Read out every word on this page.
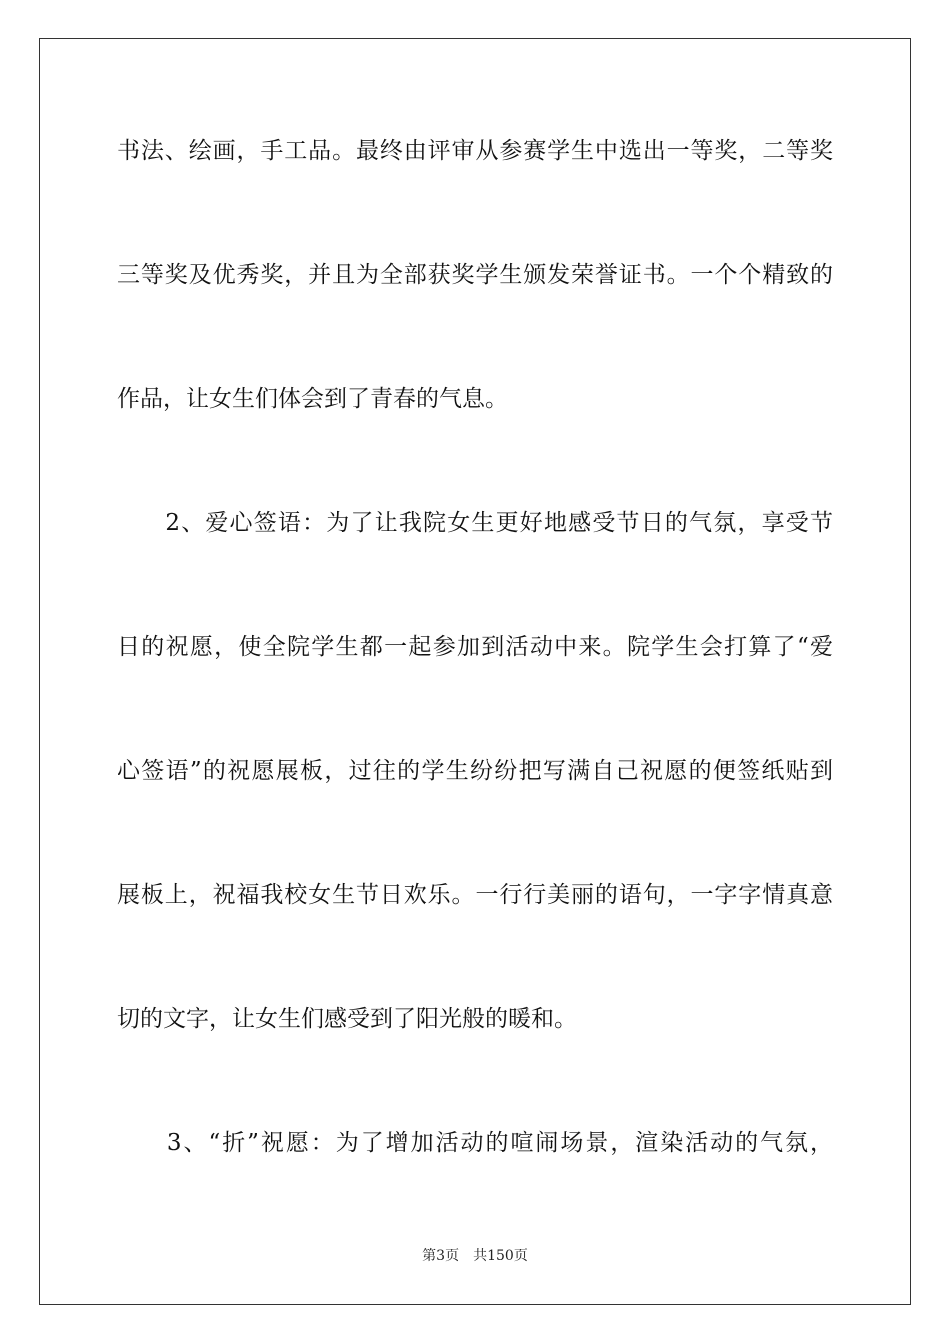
书法、绘画，手工品。最终由评审从参赛学生中选出一等奖，二等奖
三等奖及优秀奖，并且为全部获奖学生颁发荣誉证书。一个个精致的
作品，让女生们体会到了青春的气息。
　　2、爱心签语：为了让我院女生更好地感受节日的气氛，享受节
日的祝愿，使全院学生都一起参加到活动中来。院学生会打算了“爱
心签语”的祝愿展板，过往的学生纷纷把写满自己祝愿的便签纸贴到
展板上，祝福我校女生节日欢乐。一行行美丽的语句，一字字情真意
切的文字，让女生们感受到了阳光般的暖和。
　　3、“折”祝愿：为了增加活动的喧闹场景，渲染活动的气氛，
第3页 共150页
